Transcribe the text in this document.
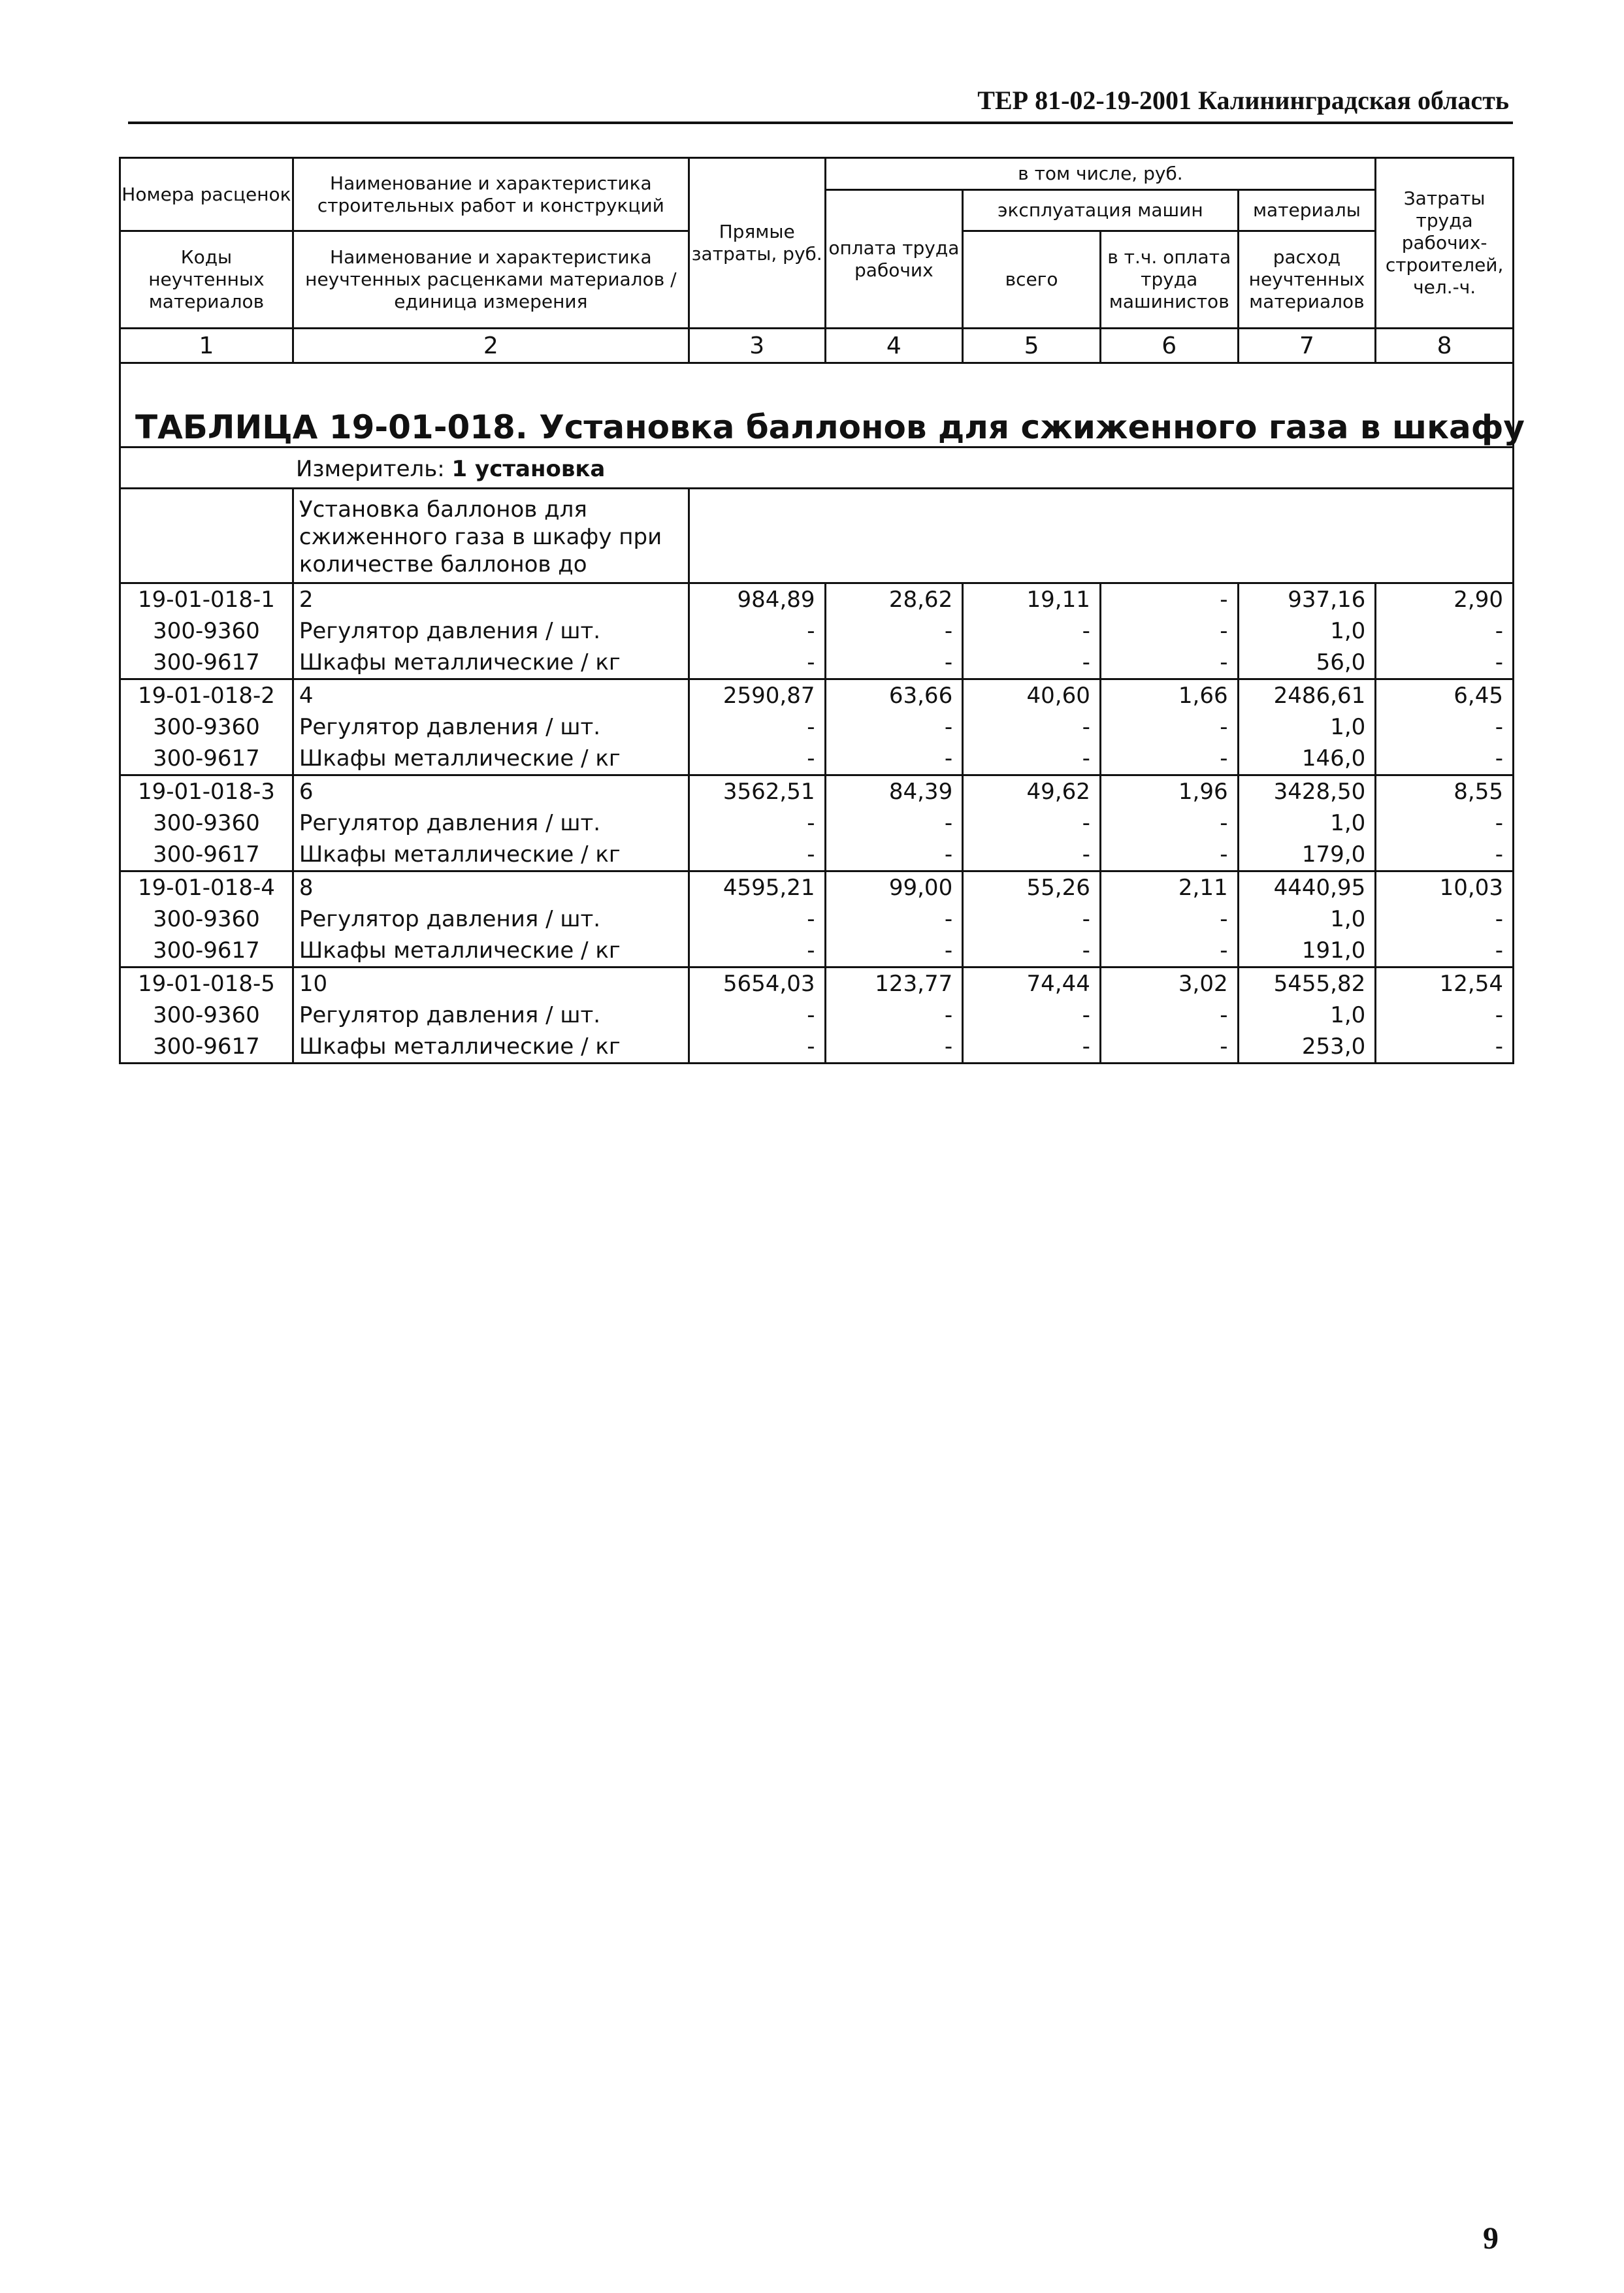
ТЕР 81-02-19-2001 Калининградская область
Номера расценок	Наименование и характеристика строительных работ и конструкций	Прямые затраты, руб.	в том числе, руб.				Затраты труда рабочих-строителей, чел.-ч.
			оплата труда рабочих	эксплуатация машин		материалы	
Коды неучтенных материалов	Наименование и характеристика неучтенных расценками материалов / единица измерения			всего	в т.ч. оплата труда машинистов	расход неучтенных материалов	

1	2	3	4	5	6	7	8
ТАБЛИЦА 19-01-018. Установка баллонов для сжиженного газа в шкафу							
Измеритель: 1 установка							
	Установка баллонов для сжиженного газа в шкафу при количестве баллонов до						
19-01-018-1	2	984,89	28,62	19,11	-	937,16	2,90
300-9360	Регулятор давления / шт.	-	-	-	-	1,0	-
300-9617	Шкафы металлические / кг	-	-	-	-	56,0	-
19-01-018-2	4	2590,87	63,66	40,60	1,66	2486,61	6,45
300-9360	Регулятор давления / шт.	-	-	-	-	1,0	-
300-9617	Шкафы металлические / кг	-	-	-	-	146,0	-
19-01-018-3	6	3562,51	84,39	49,62	1,96	3428,50	8,55
300-9360	Регулятор давления / шт.	-	-	-	-	1,0	-
300-9617	Шкафы металлические / кг	-	-	-	-	179,0	-
19-01-018-4	8	4595,21	99,00	55,26	2,11	4440,95	10,03
300-9360	Регулятор давления / шт.	-	-	-	-	1,0	-
300-9617	Шкафы металлические / кг	-	-	-	-	191,0	-
19-01-018-5	10	5654,03	123,77	74,44	3,02	5455,82	12,54
300-9360	Регулятор давления / шт.	-	-	-	-	1,0	-
300-9617	Шкафы металлические / кг	-	-	-	-	253,0	-
9
